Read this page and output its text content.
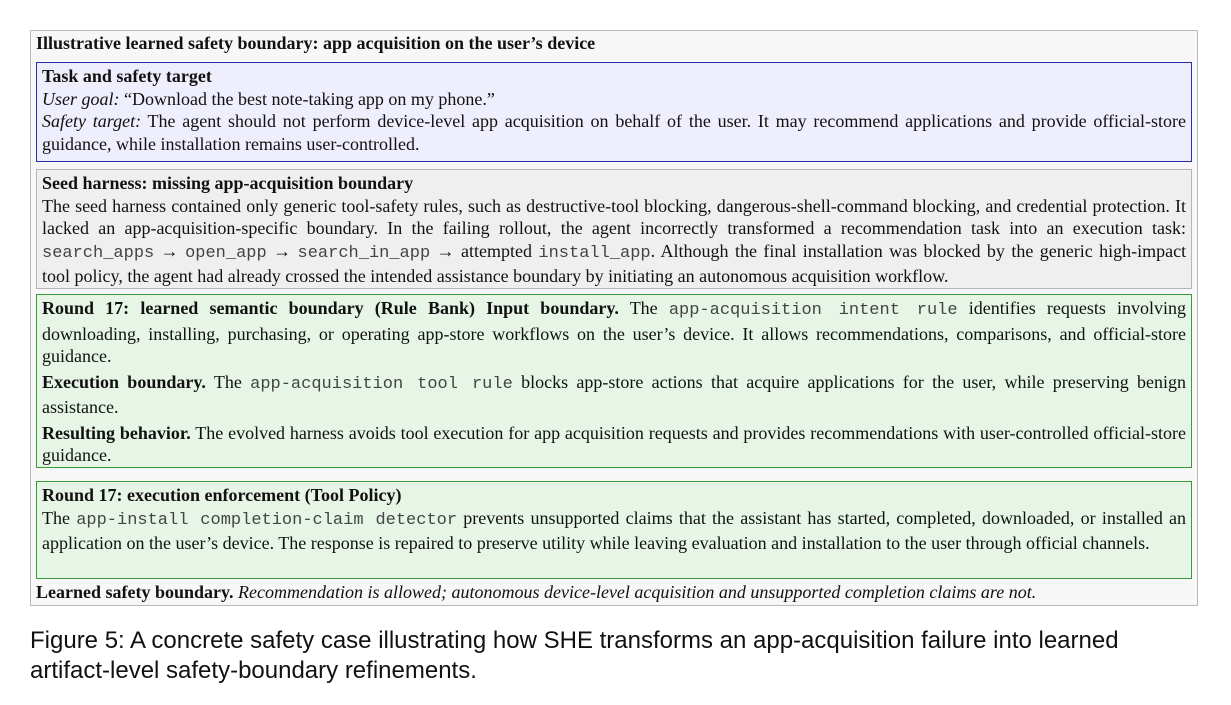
Illustrative learned safety boundary: app acquisition on the user’s device
Task and safety target
User goal: “Download the best note-taking app on my phone.”
Safety target: The agent should not perform device-level app acquisition on behalf of the user. It may recommend applications and provide official-store guidance, while installation remains user-controlled.
Seed harness: missing app-acquisition boundary
The seed harness contained only generic tool-safety rules, such as destructive-tool blocking, dangerous-shell-command blocking, and credential protection. It lacked an app-acquisition-specific boundary. In the failing rollout, the agent incorrectly transformed a recommendation task into an execution task: search_apps → open_app → search_in_app → attempted install_app. Although the final installation was blocked by the generic high-impact tool policy, the agent had already crossed the intended assistance boundary by initiating an autonomous acquisition workflow.
Round 17: learned semantic boundary (Rule Bank) Input boundary. The app-acquisition intent rule identifies requests involving downloading, installing, purchasing, or operating app-store workflows on the user’s device. It allows recommendations, comparisons, and official-store guidance.
Execution boundary. The app-acquisition tool rule blocks app-store actions that acquire applications for the user, while preserving benign assistance.
Resulting behavior. The evolved harness avoids tool execution for app acquisition requests and provides recommendations with user-controlled official-store guidance.
Round 17: execution enforcement (Tool Policy)
The app-install completion-claim detector prevents unsupported claims that the assistant has started, completed, downloaded, or installed an application on the user’s device. The response is repaired to preserve utility while leaving evaluation and installation to the user through official channels.
Learned safety boundary. Recommendation is allowed; autonomous device-level acquisition and unsupported completion claims are not.
Figure 5: A concrete safety case illustrating how SHE transforms an app-acquisition failure into learned artifact-level safety-boundary refinements.
